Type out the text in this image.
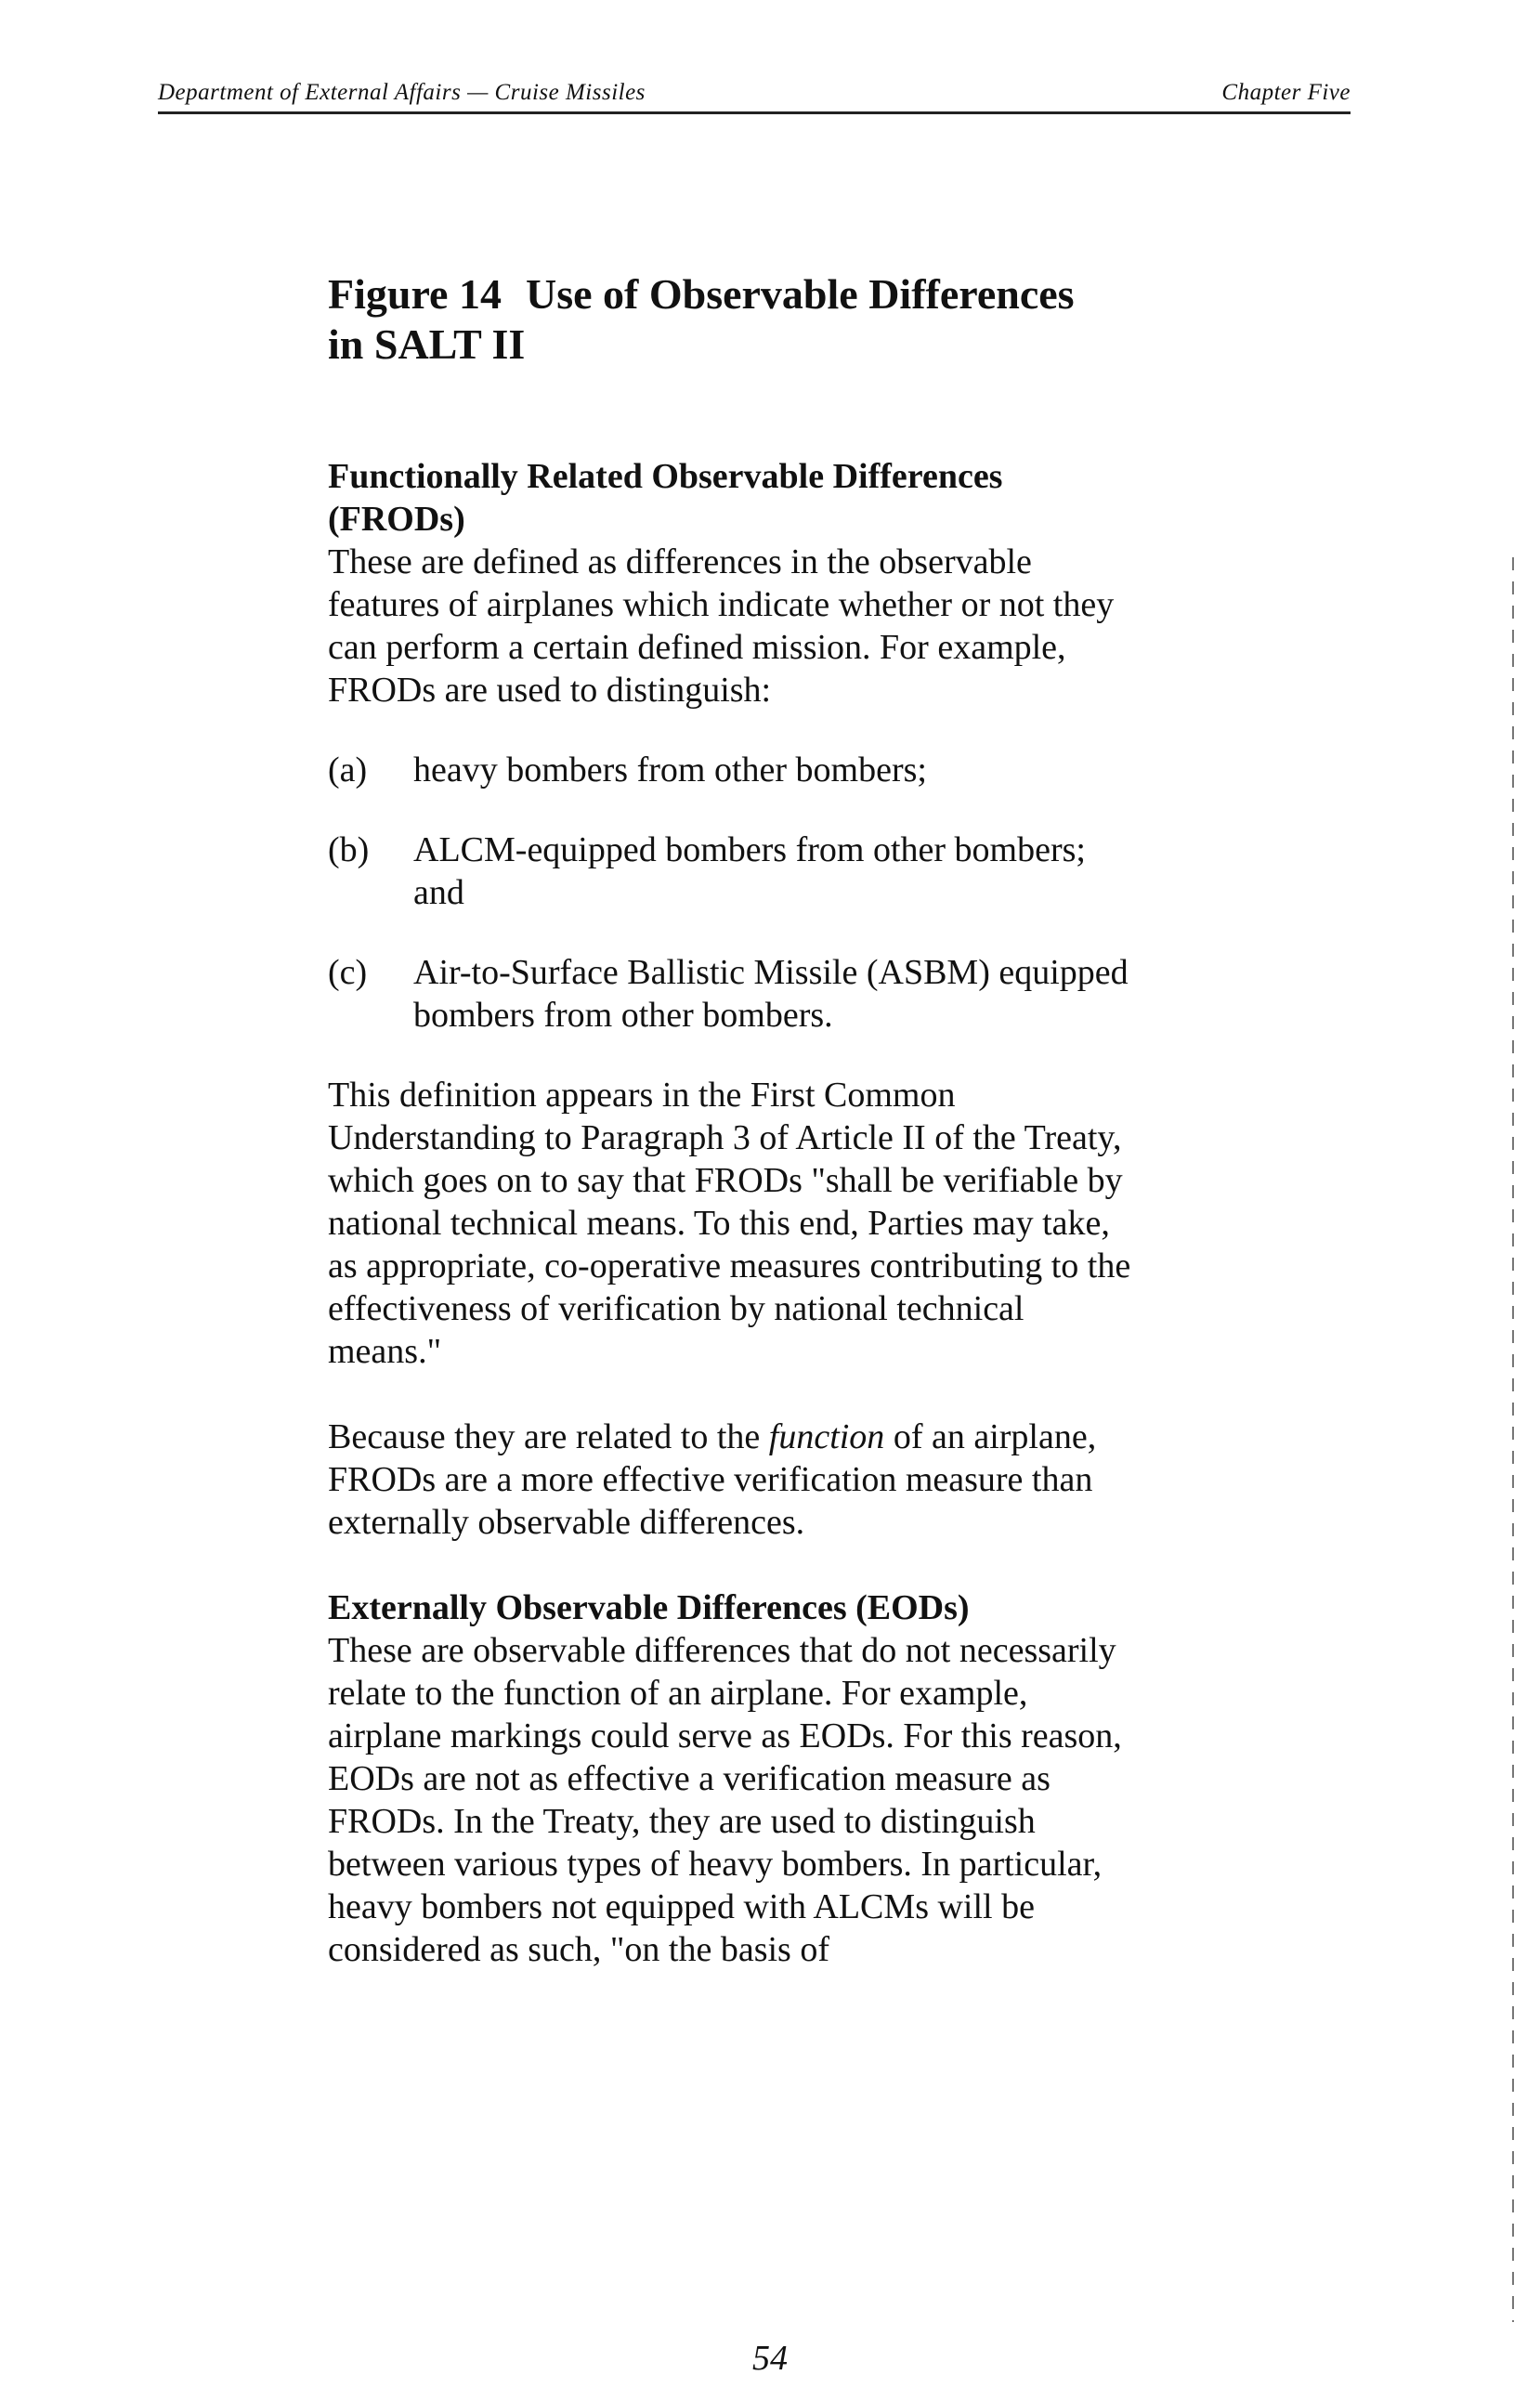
Department of External Affairs — Cruise Missiles	Chapter Five
Figure 14 Use of Observable Differences
in SALT II
Functionally Related Observable Differences (FRODs)

These are defined as differences in the observable features of airplanes which indicate whether or not they can perform a certain defined mission. For example, FRODs are used to distinguish:

(a)	heavy bombers from other bombers;
(b)	ALCM-equipped bombers from other bombers; and
(c)	Air-to-Surface Ballistic Missile (ASBM) equipped bombers from other bombers.

This definition appears in the First Common Understanding to Paragraph 3 of Article II of the Treaty, which goes on to say that FRODs "shall be verifiable by national technical means. To this end, Parties may take, as appropriate, co-operative measures contributing to the effectiveness of verification by national technical means."

Because they are related to the function of an airplane, FRODs are a more effective verification measure than externally observable differences.

Externally Observable Differences (EODs)

These are observable differences that do not necessarily relate to the function of an airplane. For example, airplane markings could serve as EODs. For this reason, EODs are not as effective a verification measure as FRODs. In the Treaty, they are used to distinguish between various types of heavy bombers. In particular, heavy bombers not equipped with ALCMs will be considered as such, "on the basis of

54
